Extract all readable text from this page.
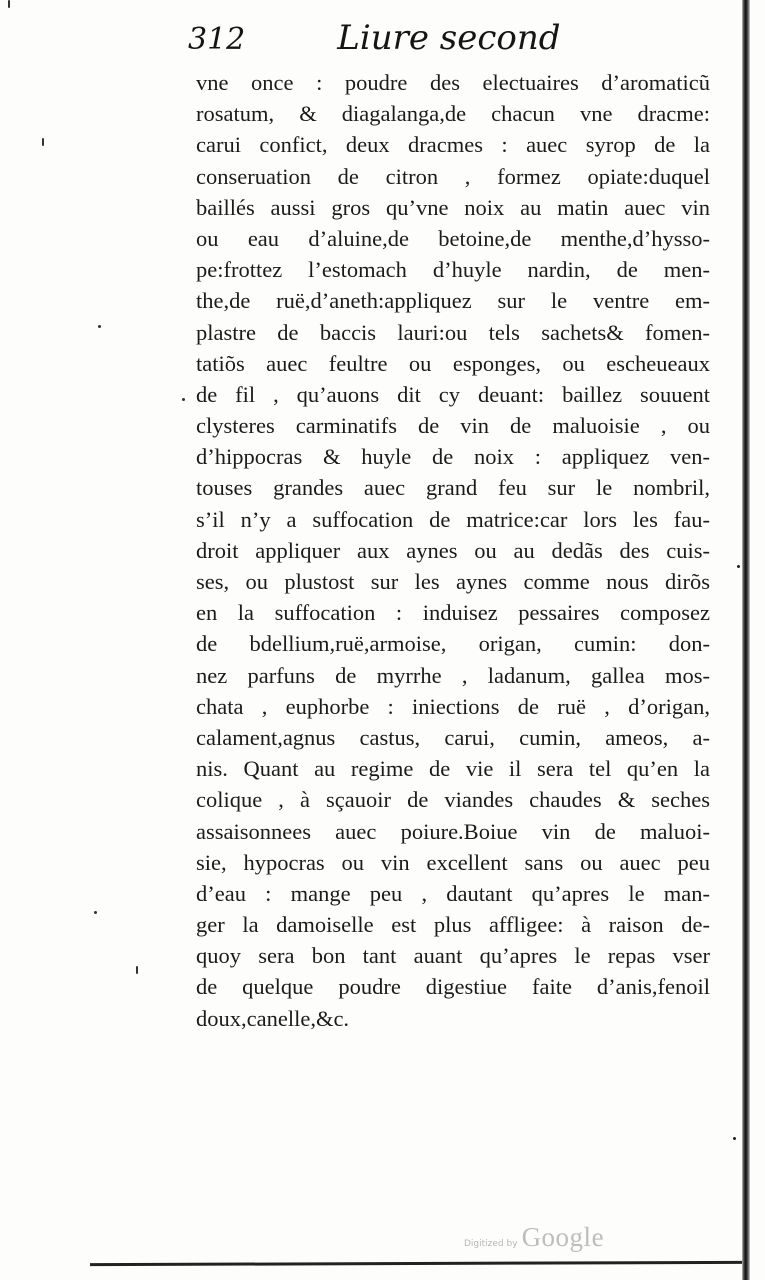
312	Liure second
vne once : poudre des electuaires d’aromaticũ
rosatum, & diagalanga,de chacun vne dracme:
carui confict, deux dracmes : auec syrop de la
conseruation de citron , formez opiate:duquel
baillés aussi gros qu’vne noix au matin auec vin
ou eau d’aluine,de betoine,de menthe,d’hysso-
pe:frottez l’estomach d’huyle nardin, de men-
the,de ruë,d’aneth:appliquez sur le ventre em-
plastre de baccis lauri:ou tels sachets& fomen-
tatiõs auec feultre ou esponges, ou escheueaux
de fil , qu’auons dit cy deuant: baillez souuent
clysteres carminatifs de vin de maluoisie , ou
d’hippocras & huyle de noix : appliquez ven-
touses grandes auec grand feu sur le nombril,
s’il n’y a suffocation de matrice:car lors les fau-
droit appliquer aux aynes ou au dedãs des cuis-
ses, ou plustost sur les aynes comme nous dirõs
en la suffocation : induisez pessaires composez
de bdellium,ruë,armoise, origan, cumin: don-
nez parfuns de myrrhe , ladanum, gallea mos-
chata , euphorbe : iniections de ruë , d’origan,
calament,agnus castus, carui, cumin, ameos, a-
nis. Quant au regime de vie il sera tel qu’en la
colique , à sçauoir de viandes chaudes & seches
assaisonnees auec poiure.Boiue vin de maluoi-
sie, hypocras ou vin excellent sans ou auec peu
d’eau : mange peu , dautant qu’apres le man-
ger la damoiselle est plus affligee: à raison de-
quoy sera bon tant auant qu’apres le repas vser
de quelque poudre digestiue faite d’anis,fenoil
doux,canelle,&c.
Digitized by Google
